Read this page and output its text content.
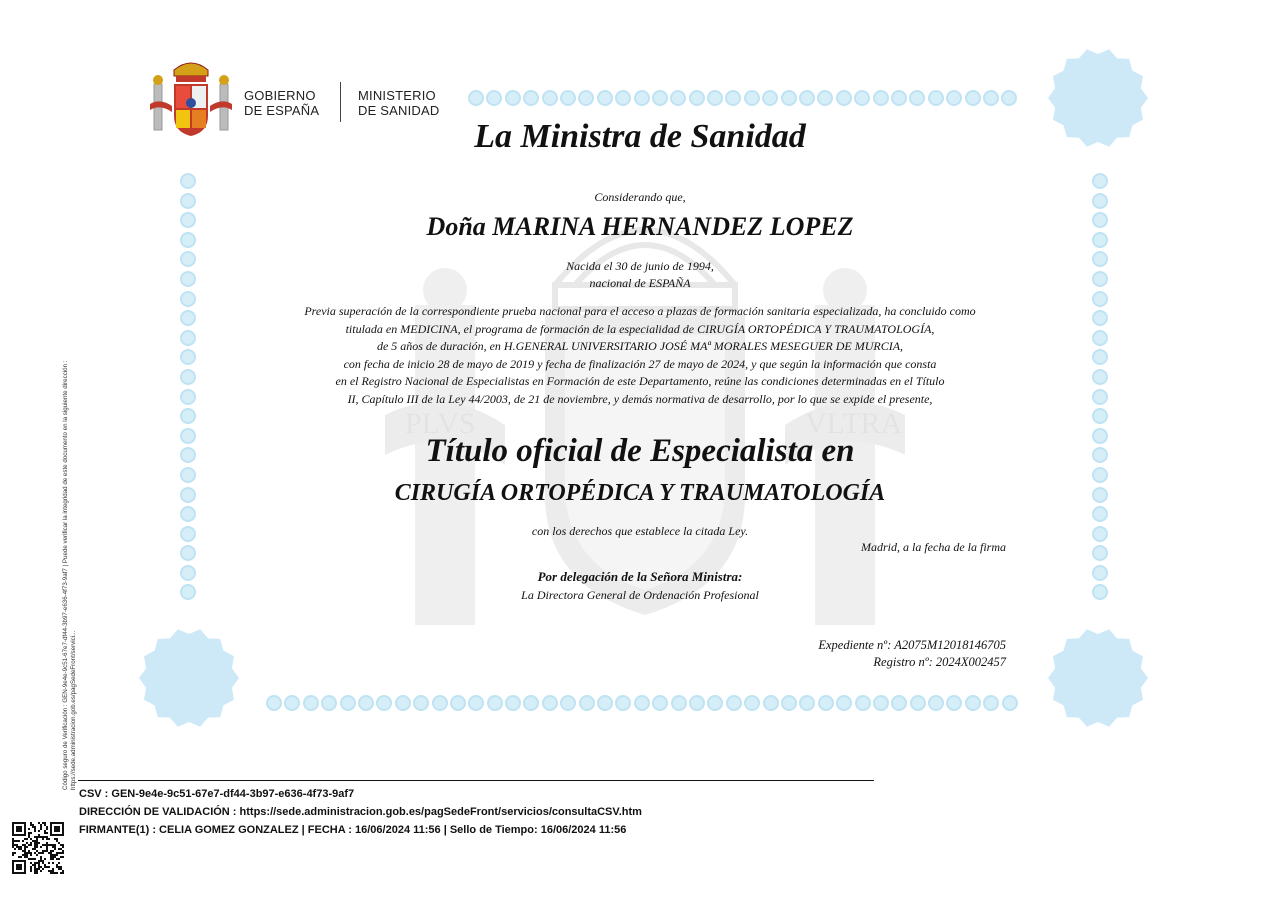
PLVS	VLTRA
GOBIERNO
DE ESPAÑA
MINISTERIO
DE SANIDAD
La Ministra de Sanidad
Considerando que,
Doña MARINA HERNANDEZ LOPEZ
Nacida el 30 de junio de 1994,
nacional de ESPAÑA
Previa superación de la correspondiente prueba nacional para el acceso a plazas de formación sanitaria especializada, ha concluido como
titulada en MEDICINA, el programa de formación de la especialidad de CIRUGÍA ORTOPÉDICA Y TRAUMATOLOGÍA,
de 5 años de duración, en H.GENERAL UNIVERSITARIO JOSÉ MAª MORALES MESEGUER DE MURCIA,
con fecha de inicio 28 de mayo de 2019 y fecha de finalización 27 de mayo de 2024, y que según la información que consta
en el Registro Nacional de Especialistas en Formación de este Departamento, reúne las condiciones determinadas en el Título
II, Capítulo III de la Ley 44/2003, de 21 de noviembre, y demás normativa de desarrollo, por lo que se expide el presente,
Título oficial de Especialista en
CIRUGÍA ORTOPÉDICA Y TRAUMATOLOGÍA
con los derechos que establece la citada Ley.
Madrid, a la fecha de la firma
Por delegación de la Señora Ministra:
La Directora General de Ordenación Profesional
Expediente nº: A2075M12018146705
Registro nº: 2024X002457
Código seguro de Verificación : GEN-9e4e-9c51-67e7-df44-3b97-e636-4f73-9af7 | Puede verificar la integridad de este documento en la siguiente dirección : https://sede.administracion.gob.es/pagSedeFront/servici...
CSV : GEN-9e4e-9c51-67e7-df44-3b97-e636-4f73-9af7
DIRECCIÓN DE VALIDACIÓN : https://sede.administracion.gob.es/pagSedeFront/servicios/consultaCSV.htm
FIRMANTE(1) : CELIA GOMEZ GONZALEZ | FECHA : 16/06/2024 11:56 | Sello de Tiempo: 16/06/2024 11:56
